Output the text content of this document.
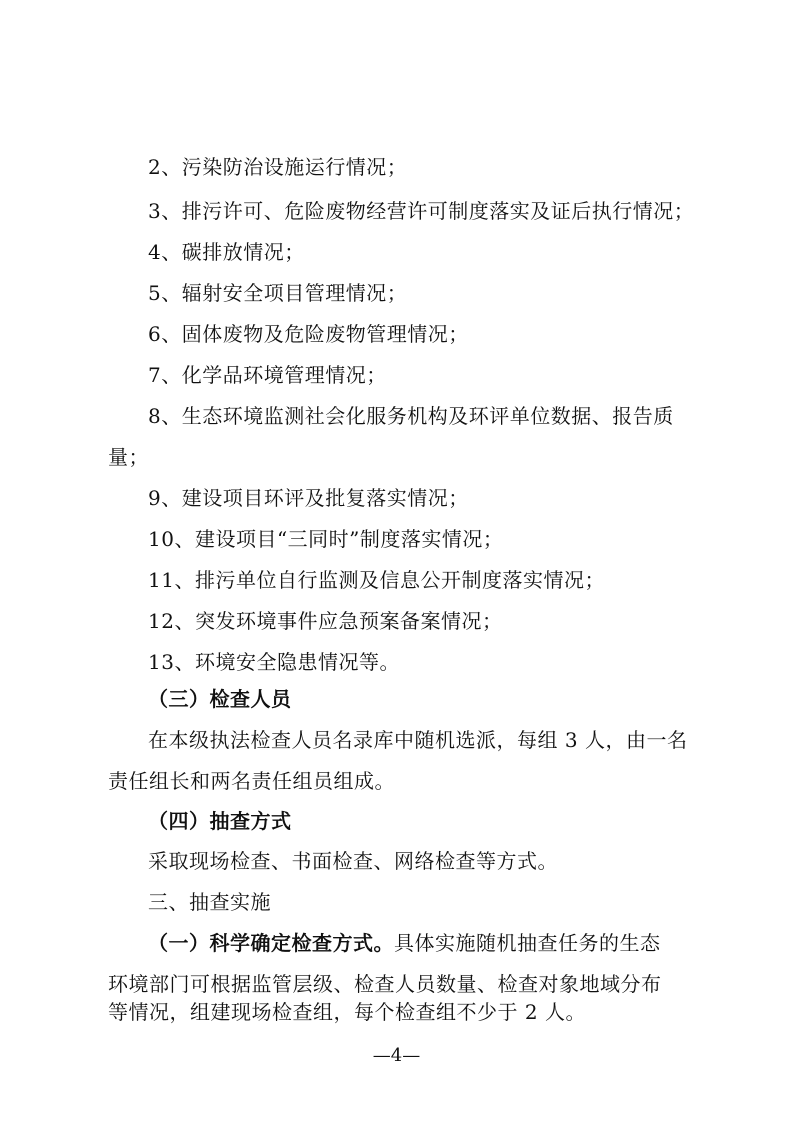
2、污染防治设施运行情况；
3、排污许可、危险废物经营许可制度落实及证后执行情况；
4、碳排放情况；
5、辐射安全项目管理情况；
6、固体废物及危险废物管理情况；
7、化学品环境管理情况；
8、生态环境监测社会化服务机构及环评单位数据、报告质
量；
9、建设项目环评及批复落实情况；
10、建设项目“三同时”制度落实情况；
11、排污单位自行监测及信息公开制度落实情况；
12、突发环境事件应急预案备案情况；
13、环境安全隐患情况等。
（三）检查人员
在本级执法检查人员名录库中随机选派，每组 3 人，由一名
责任组长和两名责任组员组成。
（四）抽查方式
采取现场检查、书面检查、网络检查等方式。
三、抽查实施
（一）科学确定检查方式。具体实施随机抽查任务的生态
环境部门可根据监管层级、检查人员数量、检查对象地域分布
等情况，组建现场检查组，每个检查组不少于 2 人。
—4—
